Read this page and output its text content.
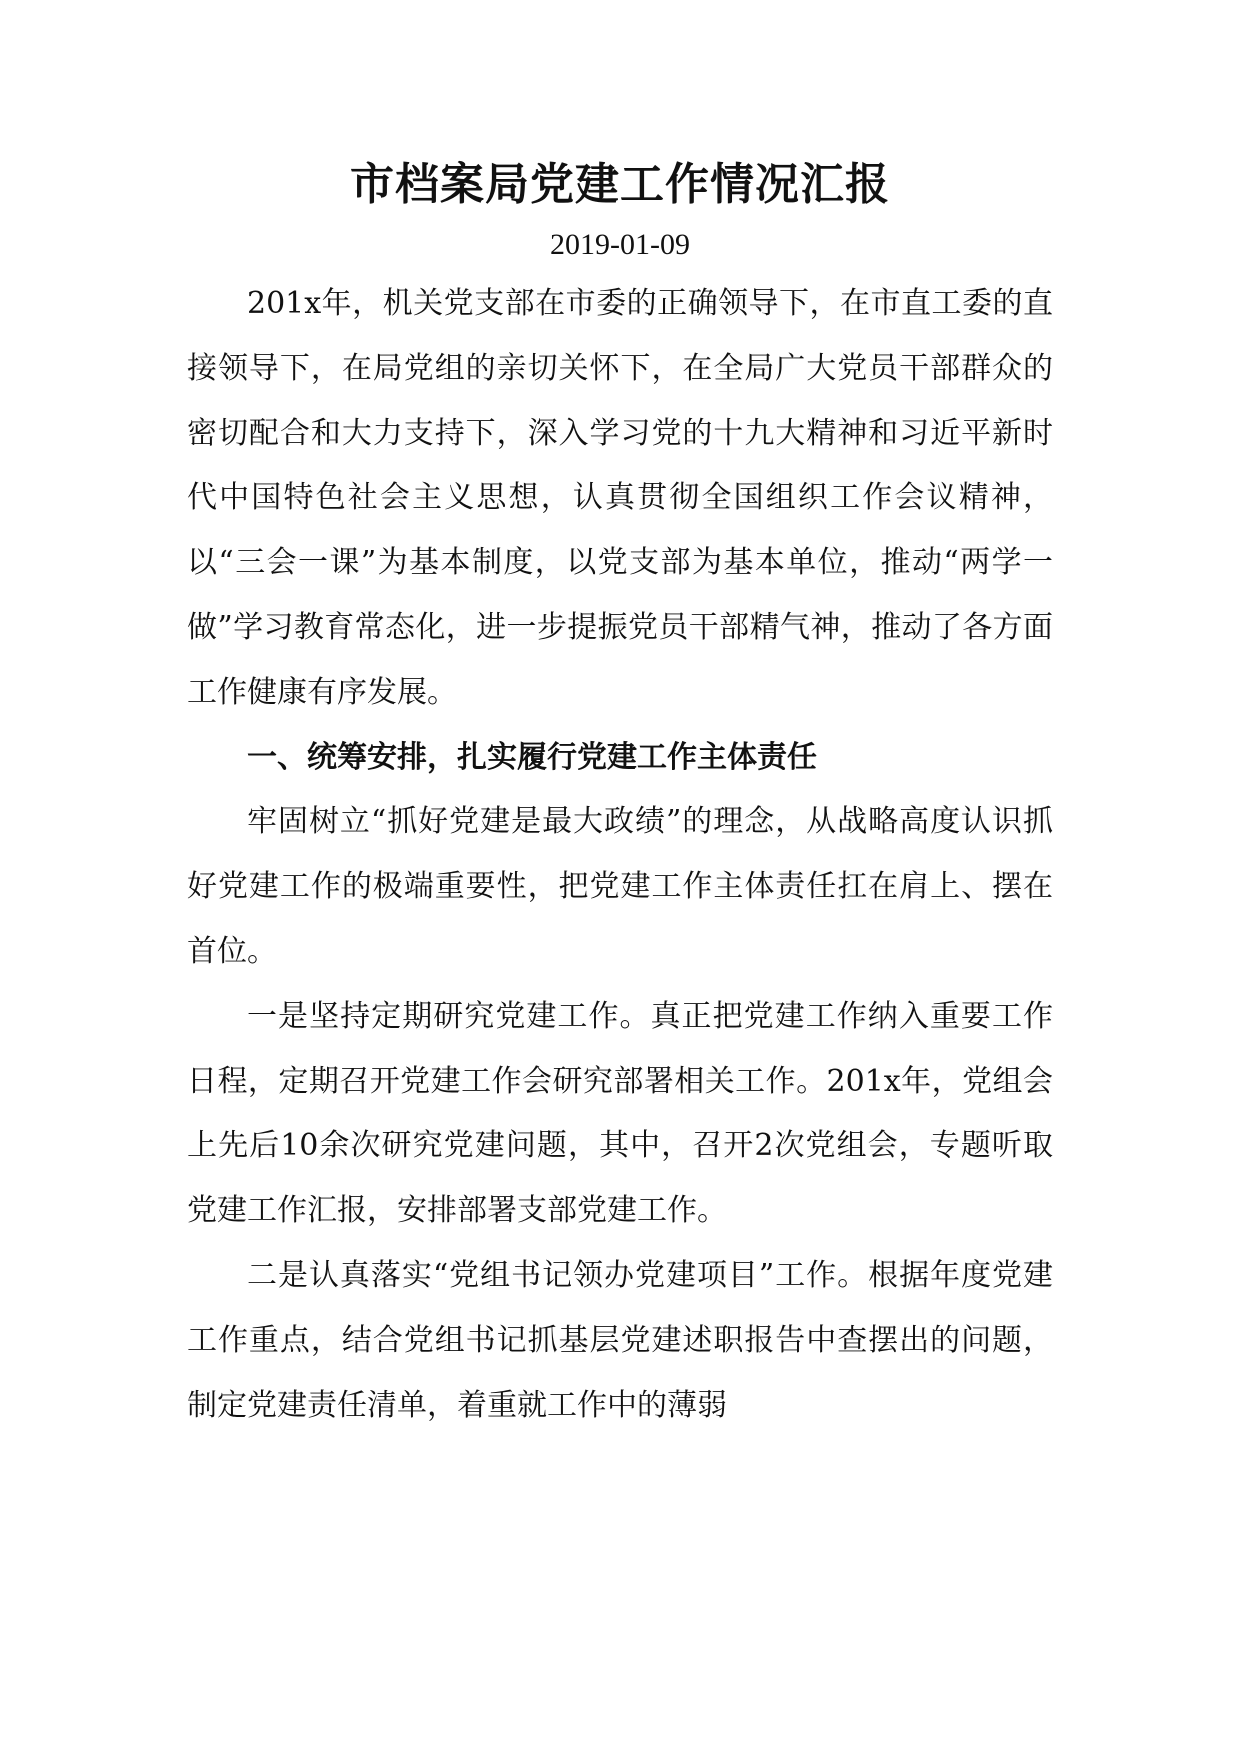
市档案局党建工作情况汇报
2019-01-09

201x年，机关党支部在市委的正确领导下，在市直工委的直接领导下，在局党组的亲切关怀下，在全局广大党员干部群众的密切配合和大力支持下，深入学习党的十九大精神和习近平新时代中国特色社会主义思想，认真贯彻全国组织工作会议精神，以“三会一课”为基本制度，以党支部为基本单位，推动“两学一做”学习教育常态化，进一步提振党员干部精气神，推动了各方面工作健康有序发展。

一、统筹安排，扎实履行党建工作主体责任

牢固树立“抓好党建是最大政绩”的理念，从战略高度认识抓好党建工作的极端重要性，把党建工作主体责任扛在肩上、摆在首位。

一是坚持定期研究党建工作。真正把党建工作纳入重要工作日程，定期召开党建工作会研究部署相关工作。201x年，党组会上先后10余次研究党建问题，其中，召开2次党组会，专题听取党建工作汇报，安排部署支部党建工作。

二是认真落实“党组书记领办党建项目”工作。根据年度党建工作重点，结合党组书记抓基层党建述职报告中查摆出的问题，制定党建责任清单，着重就工作中的薄弱
